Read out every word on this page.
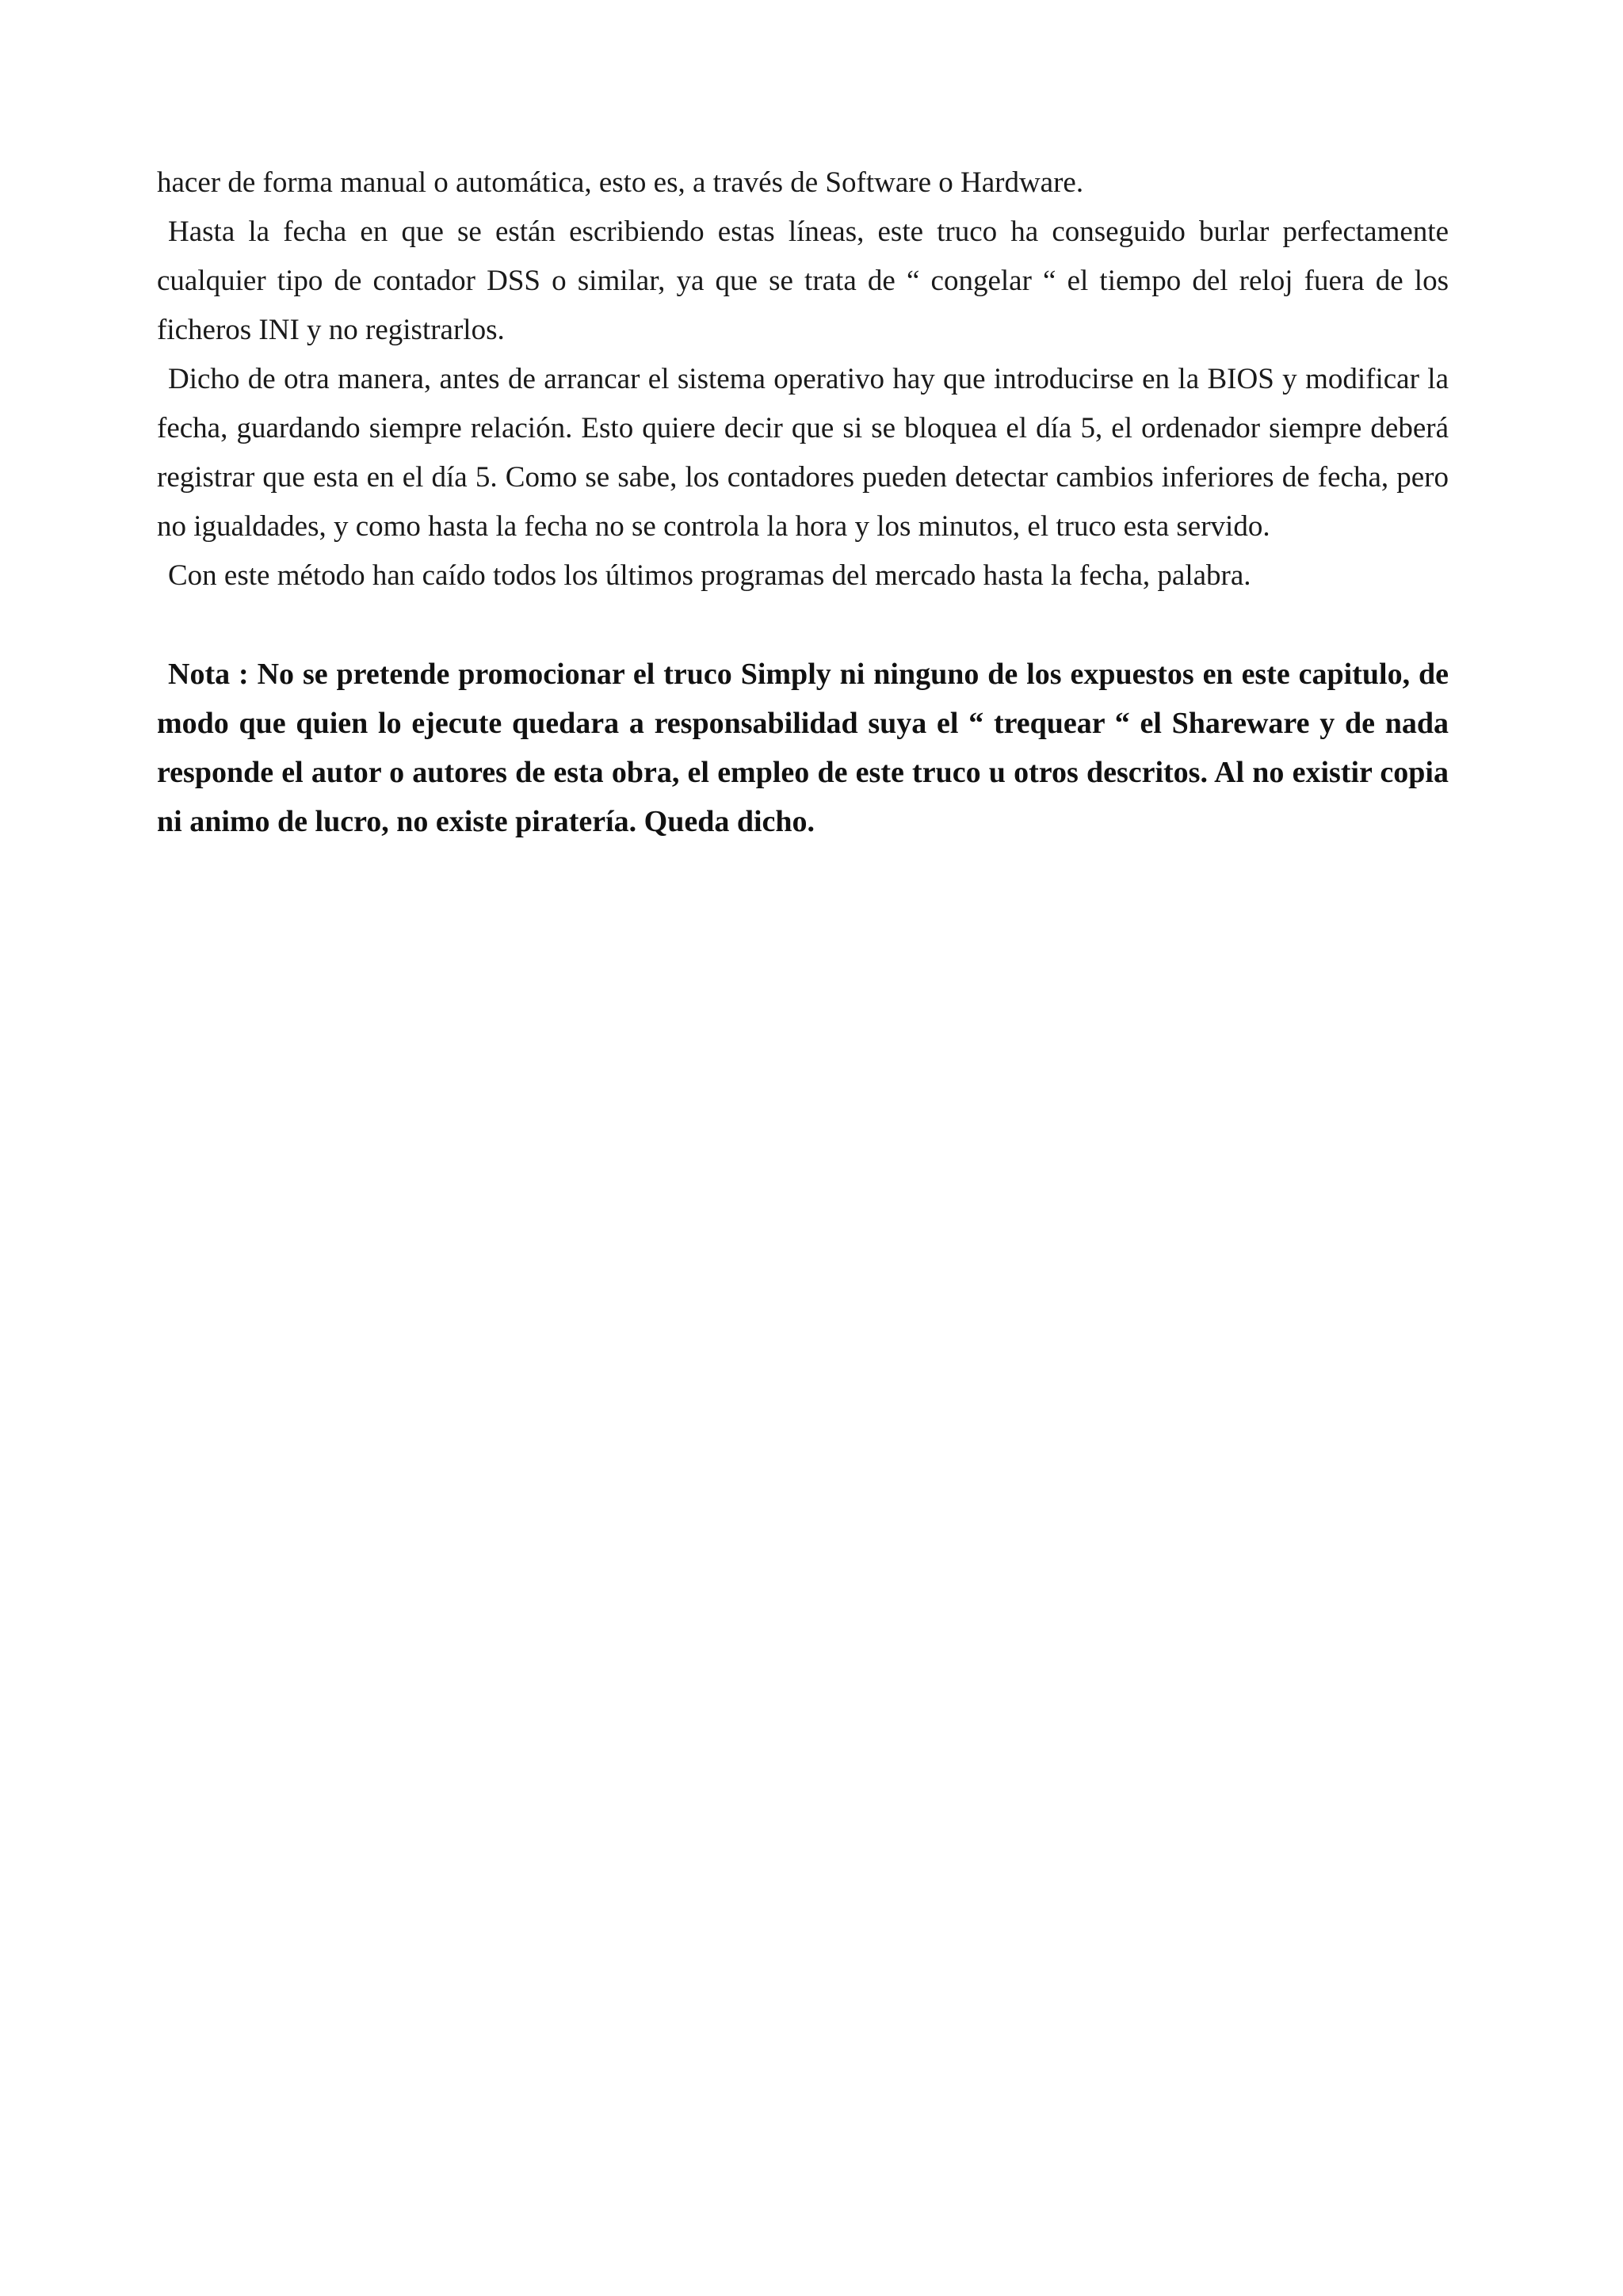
hacer de forma manual o automática, esto es, a través de Software o Hardware.

Hasta la fecha en que se están escribiendo estas líneas, este truco ha conseguido burlar perfectamente cualquier tipo de contador DSS o similar, ya que se trata de “ congelar “ el tiempo del reloj fuera de los ficheros INI y no registrarlos.

Dicho de otra manera, antes de arrancar el sistema operativo hay que introducirse en la BIOS y modificar la fecha, guardando siempre relación. Esto quiere decir que si se bloquea el día 5, el ordenador siempre deberá registrar que esta en el día 5. Como se sabe, los contadores pueden detectar cambios inferiores de fecha, pero no igualdades, y como hasta la fecha no se controla la hora y los minutos, el truco esta servido.

Con este método han caído todos los últimos programas del mercado hasta la fecha, palabra.

Nota : No se pretende promocionar el truco Simply ni ninguno de los expuestos en este capitulo, de modo que quien lo ejecute quedara a responsabilidad suya el “ trequear “ el Shareware y de nada responde el autor o autores de esta obra, el empleo de este truco u otros descritos. Al no existir copia ni animo de lucro, no existe piratería. Queda dicho.
